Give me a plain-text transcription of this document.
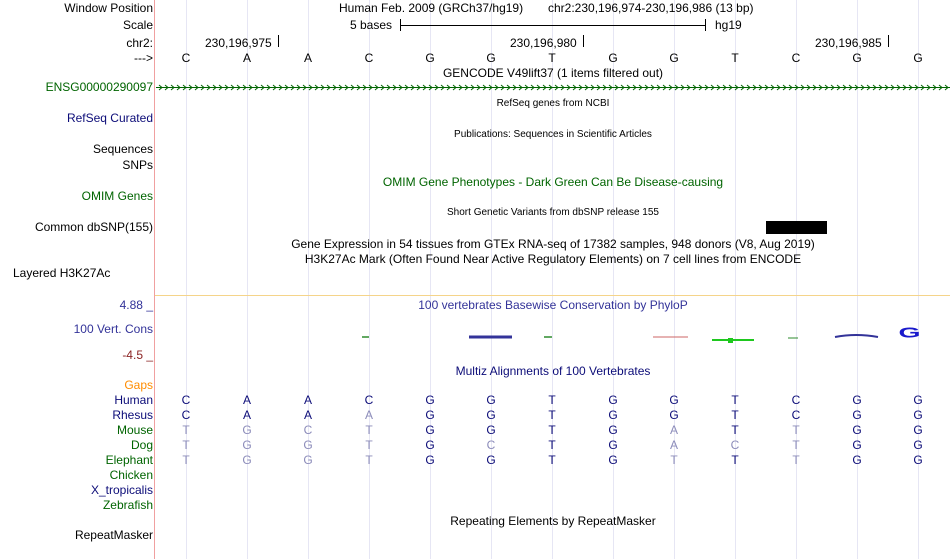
Window Position	Human Feb. 2009 (GRCh37/hg19) chr2:230,196,974-230,196,986 (13 bp)
Scale	5 bases	hg19
chr2:	230,196,975	230,196,980	230,196,985
--->	C	A	A	C	G	G	T	G	G	T	C	G	G
GENCODE V49lift37 (1 items filtered out)
ENSG00000290097
RefSeq genes from NCBI
RefSeq Curated
Publications: Sequences in Scientific Articles
Sequences
SNPs
OMIM Gene Phenotypes - Dark Green Can Be Disease-causing
OMIM Genes
Short Genetic Variants from dbSNP release 155
Common dbSNP(155)
Gene Expression in 54 tissues from GTEx RNA-seq of 17382 samples, 948 donors (V8, Aug 2019)
H3K27Ac Mark (Often Found Near Active Regulatory Elements) on 7 cell lines from ENCODE
Layered H3K27Ac
4.88 _	100 vertebrates Basewise Conservation by PhyloP
100 Vert. Cons
-4.5 _
G
Multiz Alignments of 100 Vertebrates
Gaps
Human	C	A	A	C	G	G	T	G	G	T	C	G	G
Rhesus	C	A	A	A	G	G	T	G	G	T	C	G	G
Mouse	T	G	C	T	G	G	T	G	A	T	T	G	G
Dog	T	G	G	T	G	C	T	G	A	C	T	G	G
Elephant	T	G	G	T	G	G	T	G	T	T	T	G	G
Chicken
X_tropicalis
Zebrafish
Repeating Elements by RepeatMasker
RepeatMasker
